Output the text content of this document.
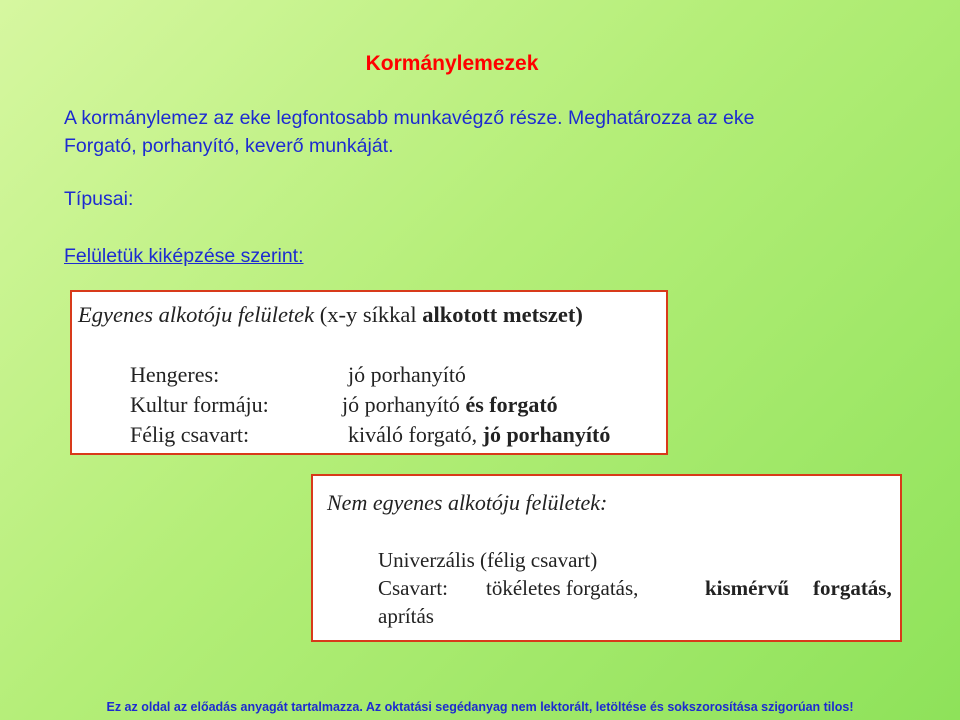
Kormánylemezek
A kormánylemez az eke legfontosabb munkavégző része. Meghatározza az eke
Forgató, porhanyító, keverő munkáját.
Típusai:
Felületük kiképzése szerint:
Egyenes alkotóju felületek (x-y síkkal alkotott metszet)
Hengeres:	jó porhanyító
Kultur formáju:	jó porhanyító és forgató
Félig csavart:	kiváló forgató, jó porhanyító
Nem egyenes alkotóju felületek:
Univerzális (félig csavart)
Csavart: tökéletes forgatás,	kismérvű forgatás,
aprítás
Ez az oldal az előadás anyagát tartalmazza. Az oktatási segédanyag nem lektorált, letöltése és sokszorosítása szigorúan tilos!
